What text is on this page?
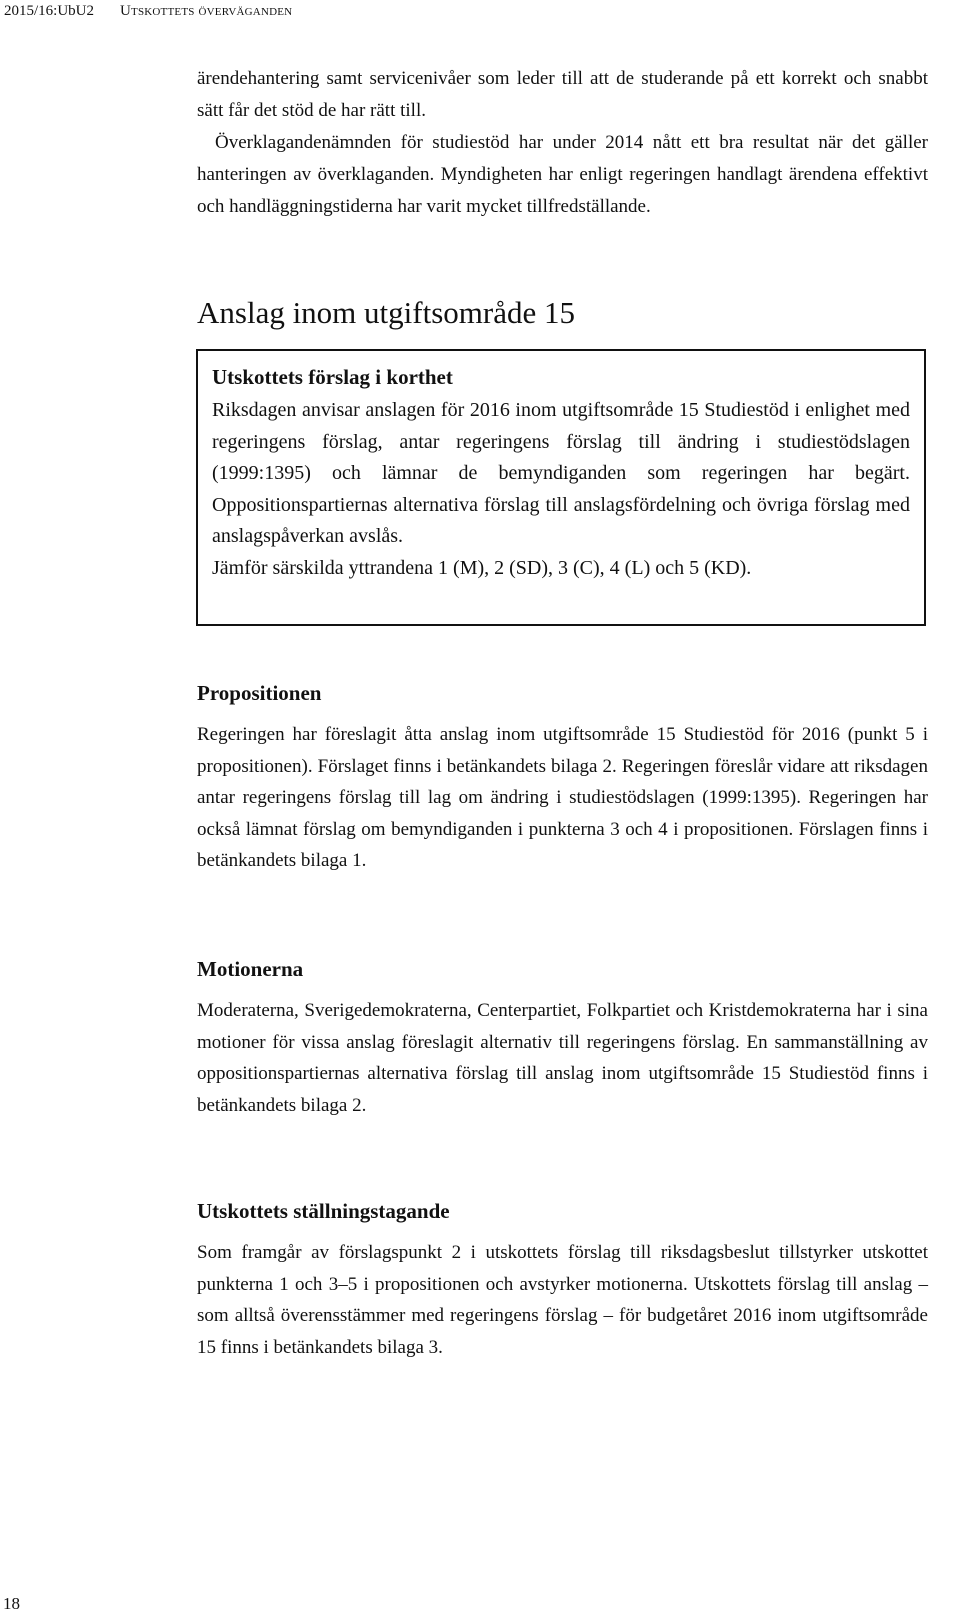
2015/16:UbU2 Utskottets överväganden

ärendehantering samt servicenivåer som leder till att de studerande på ett korrekt och snabbt sätt får det stöd de har rätt till.

Överklagandenämnden för studiestöd har under 2014 nått ett bra resultat när det gäller hanteringen av överklaganden. Myndigheten har enligt regeringen handlagt ärendena effektivt och handläggningstiderna har varit mycket tillfredställande.

Anslag inom utgiftsområde 15
Utskottets förslag i korthet

Riksdagen anvisar anslagen för 2016 inom utgiftsområde 15 Studiestöd i enlighet med regeringens förslag, antar regeringens förslag till ändring i studiestödslagen (1999:1395) och lämnar de bemyndiganden som regeringen har begärt. Oppositionspartiernas alternativa förslag till anslagsfördelning och övriga förslag med anslagspåverkan avslås.
Jämför särskilda yttrandena 1 (M), 2 (SD), 3 (C), 4 (L) och 5 (KD).

Propositionen

Regeringen har föreslagit åtta anslag inom utgiftsområde 15 Studiestöd för 2016 (punkt 5 i propositionen). Förslaget finns i betänkandets bilaga 2. Regeringen föreslår vidare att riksdagen antar regeringens förslag till lag om ändring i studiestödslagen (1999:1395). Regeringen har också lämnat förslag om bemyndiganden i punkterna 3 och 4 i propositionen. Förslagen finns i betänkandets bilaga 1.

Motionerna

Moderaterna, Sverigedemokraterna, Centerpartiet, Folkpartiet och Kristdemokraterna har i sina motioner för vissa anslag föreslagit alternativ till regeringens förslag. En sammanställning av oppositionspartiernas alternativa förslag till anslag inom utgiftsområde 15 Studiestöd finns i betänkandets bilaga 2.

Utskottets ställningstagande

Som framgår av förslagspunkt 2 i utskottets förslag till riksdagsbeslut tillstyrker utskottet punkterna 1 och 3–5 i propositionen och avstyrker motionerna. Utskottets förslag till anslag – som alltså överensstämmer med regeringens förslag – för budgetåret 2016 inom utgiftsområde 15 finns i betänkandets bilaga 3.

18
